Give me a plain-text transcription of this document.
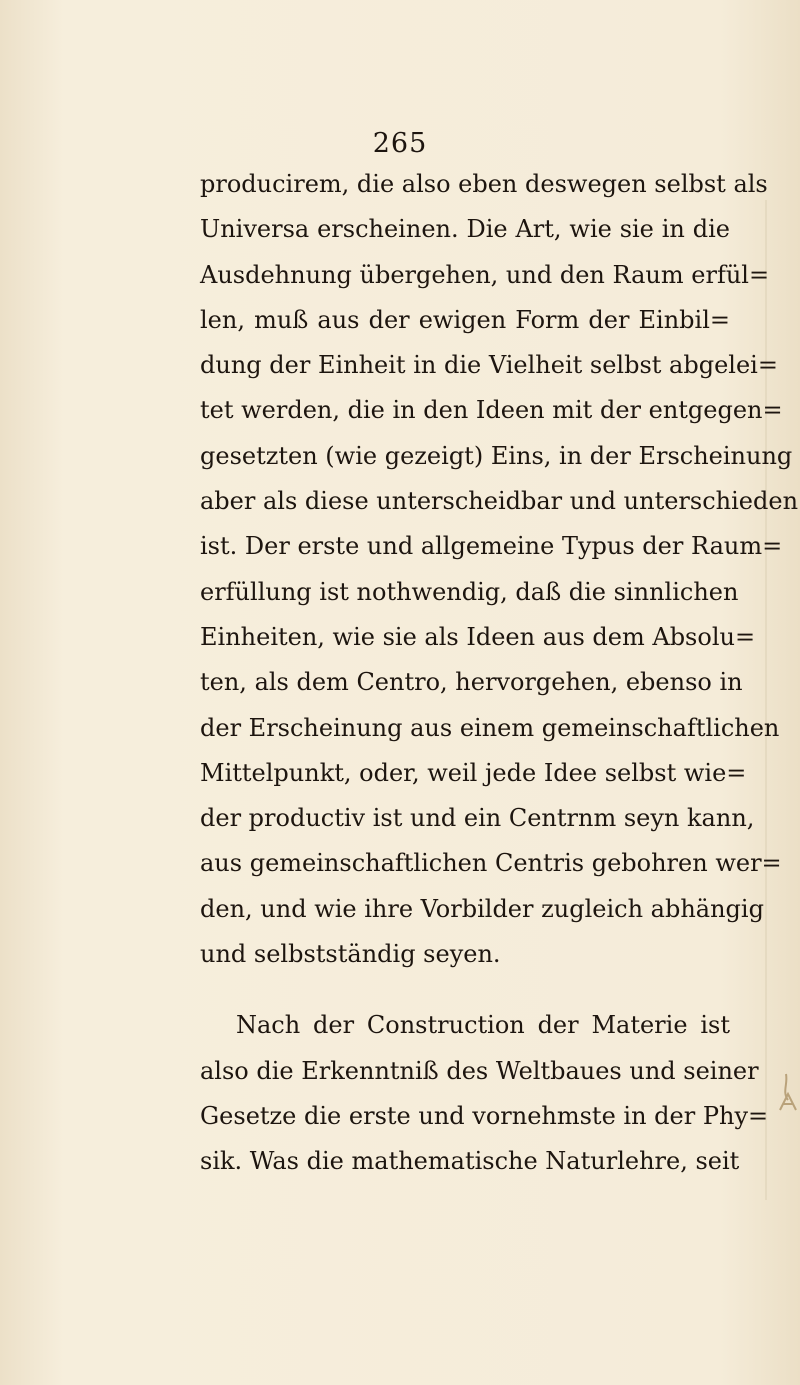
265

producirem, die also eben deswegen selbst als
Universa erscheinen. Die Art, wie sie in die
Ausdehnung übergehen, und den Raum erfül=
len, muß aus der ewigen Form der Einbil=
dung der Einheit in die Vielheit selbst abgelei=
tet werden, die in den Ideen mit der entgegen=
gesetzten (wie gezeigt) Eins, in der Erscheinung
aber als diese unterscheidbar und unterschieden
ist. Der erste und allgemeine Typus der Raum=
erfüllung ist nothwendig, daß die sinnlichen
Einheiten, wie sie als Ideen aus dem Absolu=
ten, als dem Centro, hervorgehen, ebenso in
der Erscheinung aus einem gemeinschaftlichen
Mittelpunkt, oder, weil jede Idee selbst wie=
der productiv ist und ein Centrnm seyn kann,
aus gemeinschaftlichen Centris gebohren wer=
den, und wie ihre Vorbilder zugleich abhängig
und selbstständig seyen.

Nach der Construction der Materie ist
also die Erkenntniß des Weltbaues und seiner
Gesetze die erste und vornehmste in der Phy=
sik. Was die mathematische Naturlehre, seit
